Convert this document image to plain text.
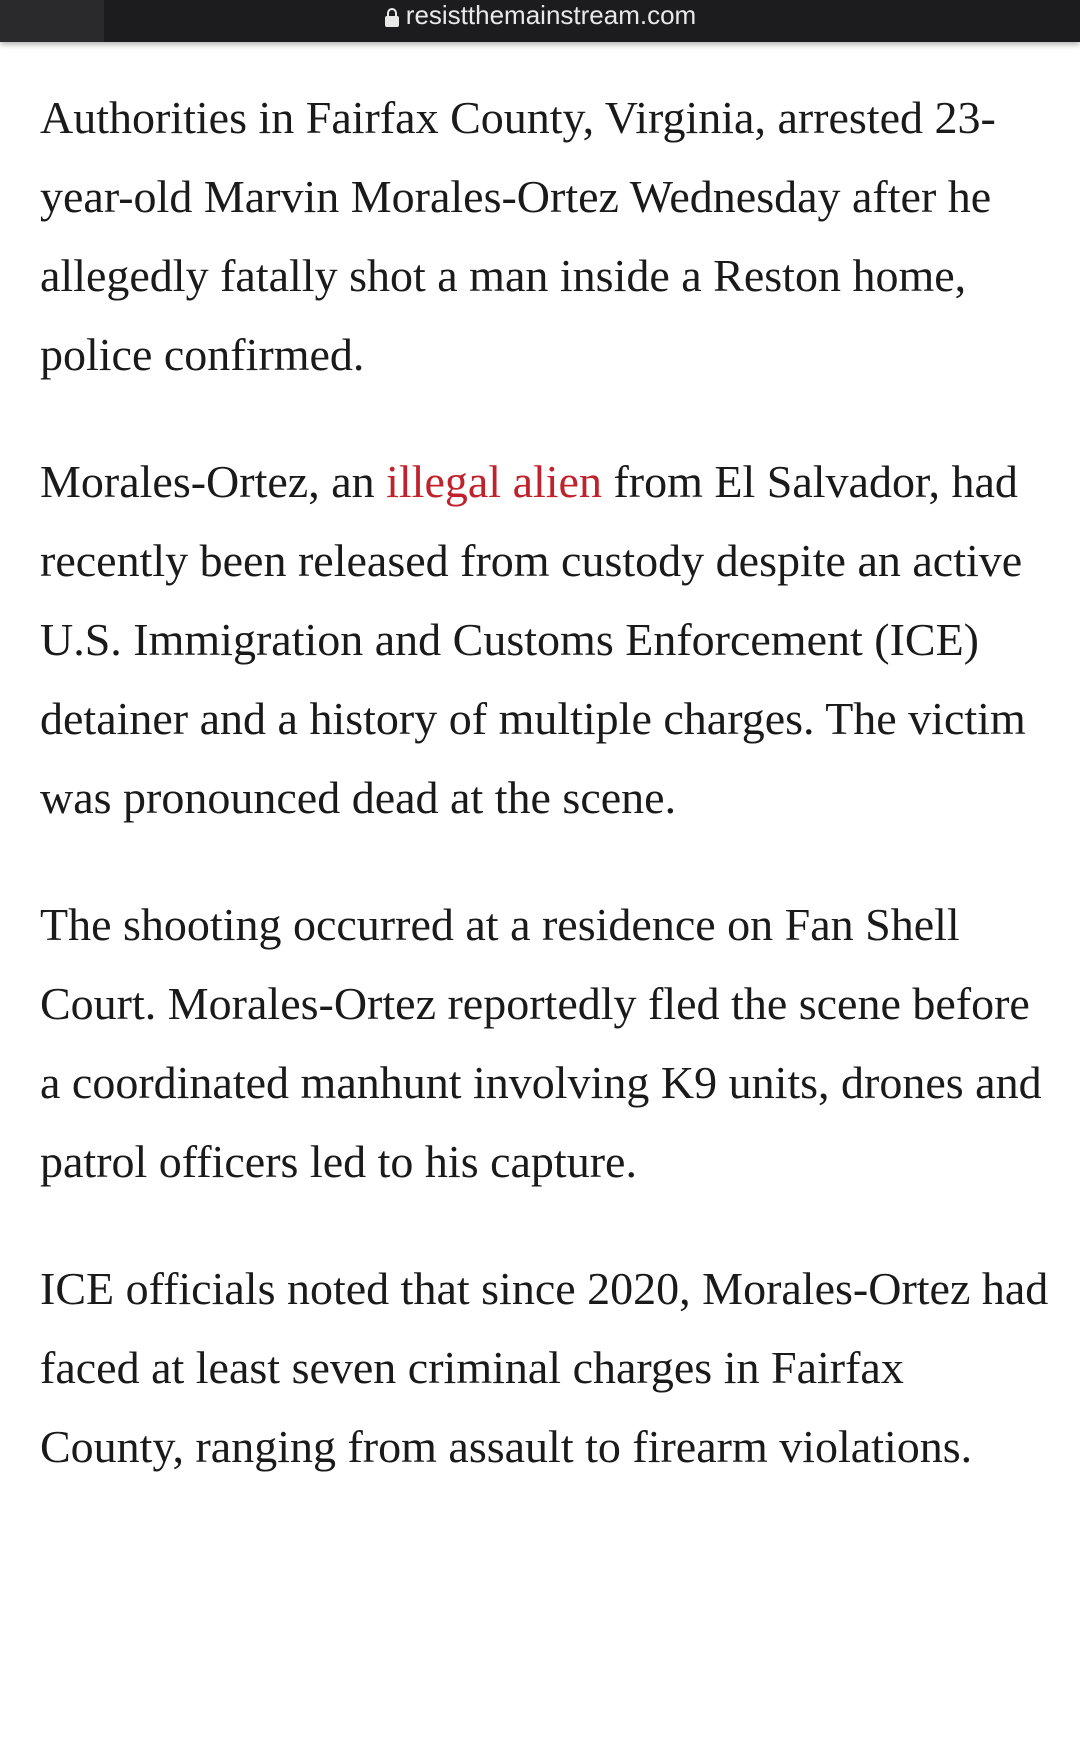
resistthemainstream.com

Authorities in Fairfax County, Virginia, arrested 23-year-old Marvin Morales-Ortez Wednesday after he allegedly fatally shot a man inside a Reston home, police confirmed.

Morales-Ortez, an illegal alien from El Salvador, had recently been released from custody despite an active U.S. Immigration and Customs Enforcement (ICE) detainer and a history of multiple charges. The victim was pronounced dead at the scene.

The shooting occurred at a residence on Fan Shell Court. Morales-Ortez reportedly fled the scene before a coordinated manhunt involving K9 units, drones and patrol officers led to his capture.

ICE officials noted that since 2020, Morales-Ortez had faced at least seven criminal charges in Fairfax County, ranging from assault to firearm violations.
